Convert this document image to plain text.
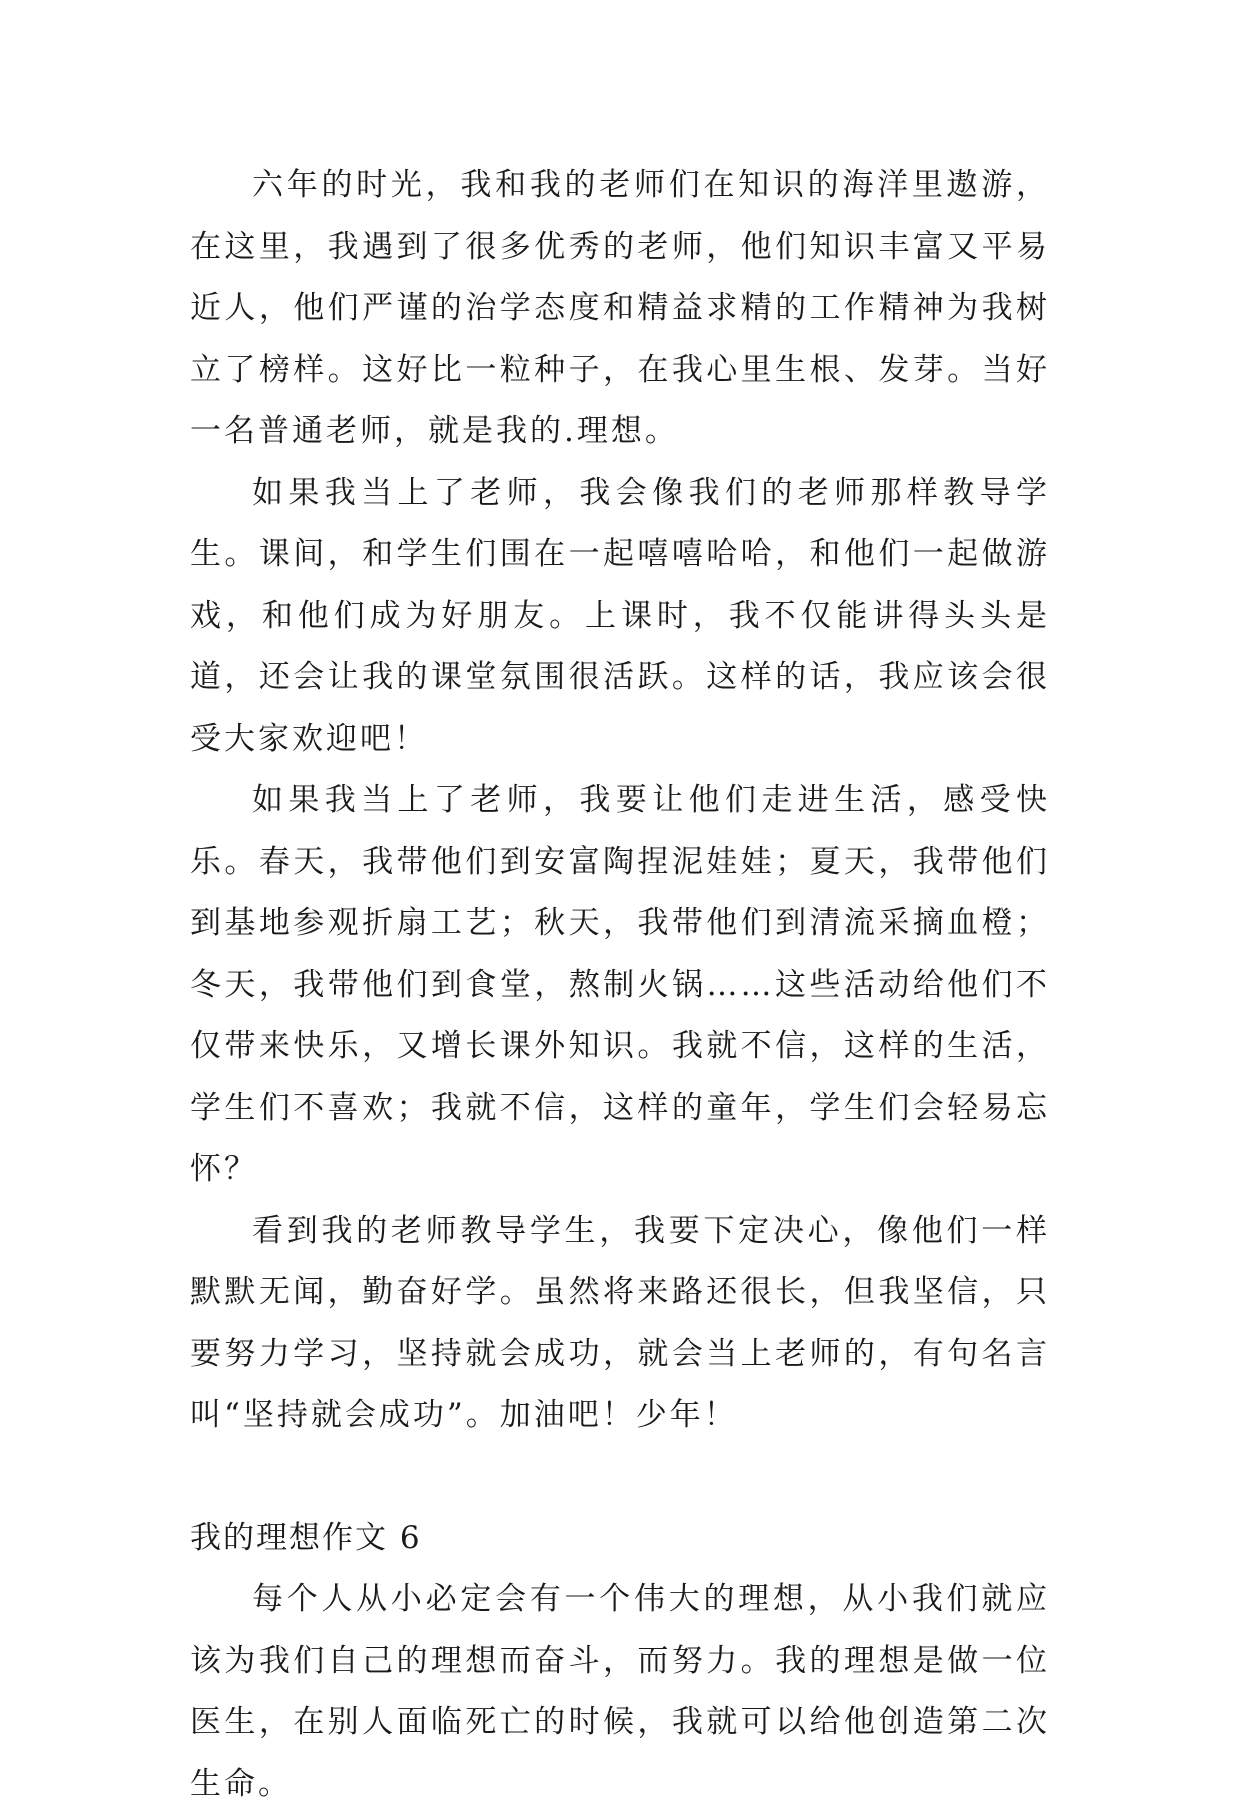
六年的时光，我和我的老师们在知识的海洋里遨游，在这里，我遇到了很多优秀的老师，他们知识丰富又平易近人，他们严谨的治学态度和精益求精的工作精神为我树立了榜样。这好比一粒种子，在我心里生根、发芽。当好一名普通老师，就是我的.理想。

如果我当上了老师，我会像我们的老师那样教导学生。课间，和学生们围在一起嘻嘻哈哈，和他们一起做游戏，和他们成为好朋友。上课时，我不仅能讲得头头是道，还会让我的课堂氛围很活跃。这样的话，我应该会很受大家欢迎吧！

如果我当上了老师，我要让他们走进生活，感受快乐。春天，我带他们到安富陶捏泥娃娃；夏天，我带他们到基地参观折扇工艺；秋天，我带他们到清流采摘血橙；冬天，我带他们到食堂，熬制火锅……这些活动给他们不仅带来快乐，又增长课外知识。我就不信，这样的生活，学生们不喜欢；我就不信，这样的童年，学生们会轻易忘怀？

看到我的老师教导学生，我要下定决心，像他们一样默默无闻，勤奋好学。虽然将来路还很长，但我坚信，只要努力学习，坚持就会成功，就会当上老师的，有句名言叫“坚持就会成功”。加油吧！少年！

我的理想作文 6

每个人从小必定会有一个伟大的理想，从小我们就应该为我们自己的理想而奋斗，而努力。我的理想是做一位医生，在别人面临死亡的时候，我就可以给他创造第二次生命。
